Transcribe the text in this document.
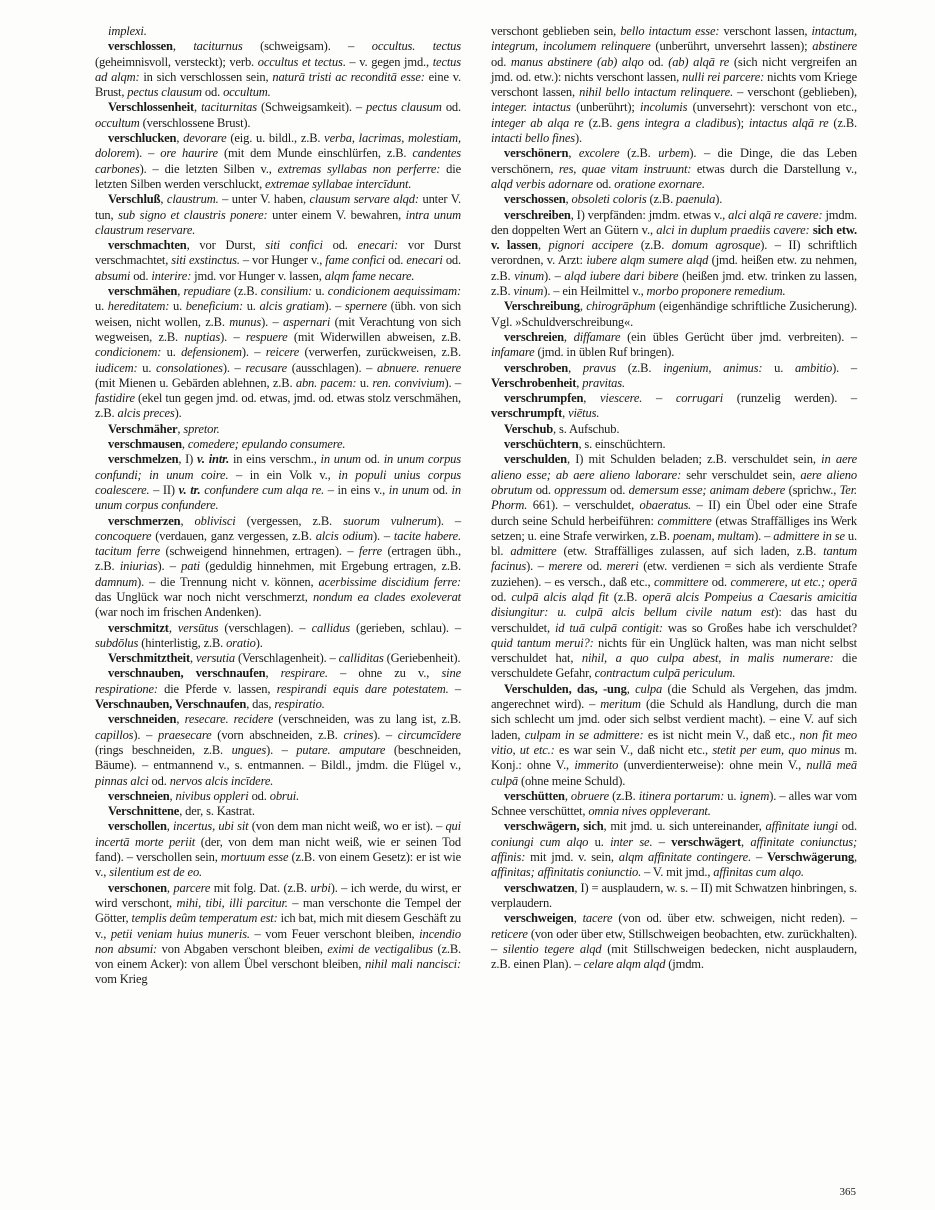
implexi.

verschlossen, taciturnus (schweigsam). – occultus. tectus (geheimnisvoll, versteckt); verb. occultus et tectus. – v. gegen jmd., tectus ad alqm: in sich verschlossen sein, naturā tristi ac reconditā esse: eine v. Brust, pectus clausum od. occultum.

Verschlossenheit, taciturnitas (Schweigsamkeit). – pectus clausum od. occultum (verschlossene Brust).

verschlucken, devorare (eig. u. bildl., z.B. verba, lacrimas, molestiam, dolorem). – ore haurire (mit dem Munde einschlürfen, z.B. candentes carbones). – die letzten Silben v., extremas syllabas non perferre: die letzten Silben werden verschluckt, extremae syllabae intercīdunt.

Verschluß, claustrum. – unter V. haben, clausum servare alqd: unter V. tun, sub signo et claustris ponere: unter einem V. bewahren, intra unum claustrum reservare.

verschmachten, vor Durst, siti confici od. enecari: vor Durst verschmachtet, siti exstinctus. – vor Hunger v., fame confici od. enecari od. absumi od. interire: jmd. vor Hunger v. lassen, alqm fame necare.

verschmähen, repudiare (z.B. consilium: u. condicionem aequissimam: u. hereditatem: u. beneficium: u. alcis gratiam). – spernere (übh. von sich weisen, nicht wollen, z.B. munus). – aspernari (mit Verachtung von sich wegweisen, z.B. nuptias). – respuere (mit Widerwillen abweisen, z.B. condicionem: u. defensionem). – reicere (verwerfen, zurückweisen, z.B. iudicem: u. consolationes). – recusare (ausschlagen). – abnuere. renuere (mit Mienen u. Gebärden ablehnen, z.B. abn. pacem: u. ren. convivium). – fastidire (ekel tun gegen jmd. od. etwas, jmd. od. etwas stolz verschmähen, z.B. alcis preces).

Verschmäher, spretor.

verschmausen, comedere; epulando consumere.

verschmelzen, I) v. intr. in eins verschm., in unum od. in unum corpus confundi; in unum coire. – in ein Volk v., in populi unius corpus coalescere. – II) v. tr. confundere cum alqa re. – in eins v., in unum od. in unum corpus confundere.

verschmerzen, oblivisci (vergessen, z.B. suorum vulnerum). – concoquere (verdauen, ganz vergessen, z.B. alcis odium). – tacite habere. tacitum ferre (schweigend hinnehmen, ertragen). – ferre (ertragen übh., z.B. iniurias). – pati (geduldig hinnehmen, mit Ergebung ertragen, z.B. damnum). – die Trennung nicht v. können, acerbissime discidium ferre: das Unglück war noch nicht verschmerzt, nondum ea clades exoleverat (war noch im frischen Andenken).

verschmitzt, versūtus (verschlagen). – callidus (gerieben, schlau). – subdōlus (hinterlistig, z.B. oratio).

Verschmitztheit, versutia (Verschlagenheit). – calliditas (Geriebenheit).

verschnauben, verschnaufen, respirare. – ohne zu v., sine respiratione: die Pferde v. lassen, respirandi equis dare potestatem. – Verschnauben, Verschnaufen, das, respiratio.

verschneiden, resecare. recidere (verschneiden, was zu lang ist, z.B. capillos). – praesecare (vorn abschneiden, z.B. crines). – circumcīdere (rings beschneiden, z.B. ungues). – putare. amputare (beschneiden, Bäume). – entmannend v., s. entmannen. – Bildl., jmdm. die Flügel v., pinnas alci od. nervos alcis incīdere.

verschneien, nivibus oppleri od. obrui.

Verschnittene, der, s. Kastrat.

verschollen, incertus, ubi sit (von dem man nicht weiß, wo er ist). – qui incertā morte periit (der, von dem man nicht weiß, wie er seinen Tod fand). – verschollen sein, mortuum esse (z.B. von einem Gesetz): er ist wie v., silentium est de eo.

verschonen, parcere mit folg. Dat. (z.B. urbi). – ich werde, du wirst, er wird verschont, mihi, tibi, illi parcitur. – man verschonte die Tempel der Götter, templis deûm temperatum est: ich bat, mich mit diesem Geschäft zu v., petii veniam huius muneris. – vom Feuer verschont bleiben, incendio non absumi: von Abgaben verschont bleiben, eximi de vectigalibus (z.B. von einem Acker): von allem Übel verschont bleiben, nihil mali nancisci: vom Krieg

verschont geblieben sein, bello intactum esse: verschont lassen, intactum, integrum, incolumem relinquere (unberührt, unversehrt lassen); abstinere od. manus abstinere (ab) alqo od. (ab) alqā re (sich nicht vergreifen an jmd. od. etw.): nichts verschont lassen, nulli rei parcere: nichts vom Kriege verschont lassen, nihil bello intactum relinquere. – verschont (geblieben), integer. intactus (unberührt); incolumis (unversehrt): verschont von etc., integer ab alqa re (z.B. gens integra a cladibus); intactus alqā re (z.B. intacti bello fines).

verschönern, excolere (z.B. urbem). – die Dinge, die das Leben verschönern, res, quae vitam instruunt: etwas durch die Darstellung v., alqd verbis adornare od. oratione exornare.

verschossen, obsoleti coloris (z.B. paenula).

verschreiben, I) verpfänden: jmdm. etwas v., alci alqā re cavere: jmdm. den doppelten Wert an Gütern v., alci in duplum praediis cavere: sich etw. v. lassen, pignori accipere (z.B. domum agrosque). – II) schriftlich verordnen, v. Arzt: iubere alqm sumere alqd (jmd. heißen etw. zu nehmen, z.B. vinum). – alqd iubere dari bibere (heißen jmd. etw. trinken zu lassen, z.B. vinum). – ein Heilmittel v., morbo proponere remedium.

Verschreibung, chirogrāphum (eigenhändige schriftliche Zusicherung). Vgl. »Schuldverschreibung«.

verschreien, diffamare (ein übles Gerücht über jmd. verbreiten). – infamare (jmd. in üblen Ruf bringen).

verschroben, pravus (z.B. ingenium, animus: u. ambitio). – Verschrobenheit, pravitas.

verschrumpfen, viescere. – corrugari (runzelig werden). – verschrumpft, viētus.

Verschub, s. Aufschub.

verschüchtern, s. einschüchtern.

verschulden, I) mit Schulden beladen; z.B. verschuldet sein, in aere alieno esse; ab aere alieno laborare: sehr verschuldet sein, aere alieno obrutum od. oppressum od. demersum esse; animam debere (sprichw., Ter. Phorm. 661). – verschuldet, obaeratus. – II) ein Übel oder eine Strafe durch seine Schuld herbeiführen: committere (etwas Straffälliges ins Werk setzen; u. eine Strafe verwirken, z.B. poenam, multam). – admittere in se u. bl. admittere (etw. Straffälliges zulassen, auf sich laden, z.B. tantum facinus). – merere od. mereri (etw. verdienen = sich als verdiente Strafe zuziehen). – es versch., daß etc., committere od. commerere, ut etc.; operā od. culpā alcis alqd fit (z.B. operā alcis Pompeius a Caesaris amicitia disiungitur: u. culpā alcis bellum civile natum est): das hast du verschuldet, id tuā culpā contigit: was so Großes habe ich verschuldet? quid tantum merui?: nichts für ein Unglück halten, was man nicht selbst verschuldet hat, nihil, a quo culpa abest, in malis numerare: die verschuldete Gefahr, contractum culpā periculum.

Verschulden, das, -ung, culpa (die Schuld als Vergehen, das jmdm. angerechnet wird). – meritum (die Schuld als Handlung, durch die man sich schlecht um jmd. oder sich selbst verdient macht). – eine V. auf sich laden, culpam in se admittere: es ist nicht mein V., daß etc., non fit meo vitio, ut etc.: es war sein V., daß nicht etc., stetit per eum, quo minus m. Konj.: ohne V., immerito (unverdienterweise): ohne mein V., nullā meā culpā (ohne meine Schuld).

verschütten, obruere (z.B. itinera portarum: u. ignem). – alles war vom Schnee verschüttet, omnia nives oppleverant.

verschwägern, sich, mit jmd. u. sich untereinander, affinitate iungi od. coniungi cum alqo u. inter se. – verschwägert, affinitate coniunctus; affinis: mit jmd. v. sein, alqm affinitate contingere. – Verschwägerung, affinitas; affinitatis coniunctio. – V. mit jmd., affinitas cum alqo.

verschwatzen, I) = ausplaudern, w. s. – II) mit Schwatzen hinbringen, s. verplaudern.

verschweigen, tacere (von od. über etw. schweigen, nicht reden). – reticere (von oder über etw, Stillschweigen beobachten, etw. zurückhalten). – silentio tegere alqd (mit Stillschweigen bedecken, nicht ausplaudern, z.B. einen Plan). – celare alqm alqd (jmdm.

365
